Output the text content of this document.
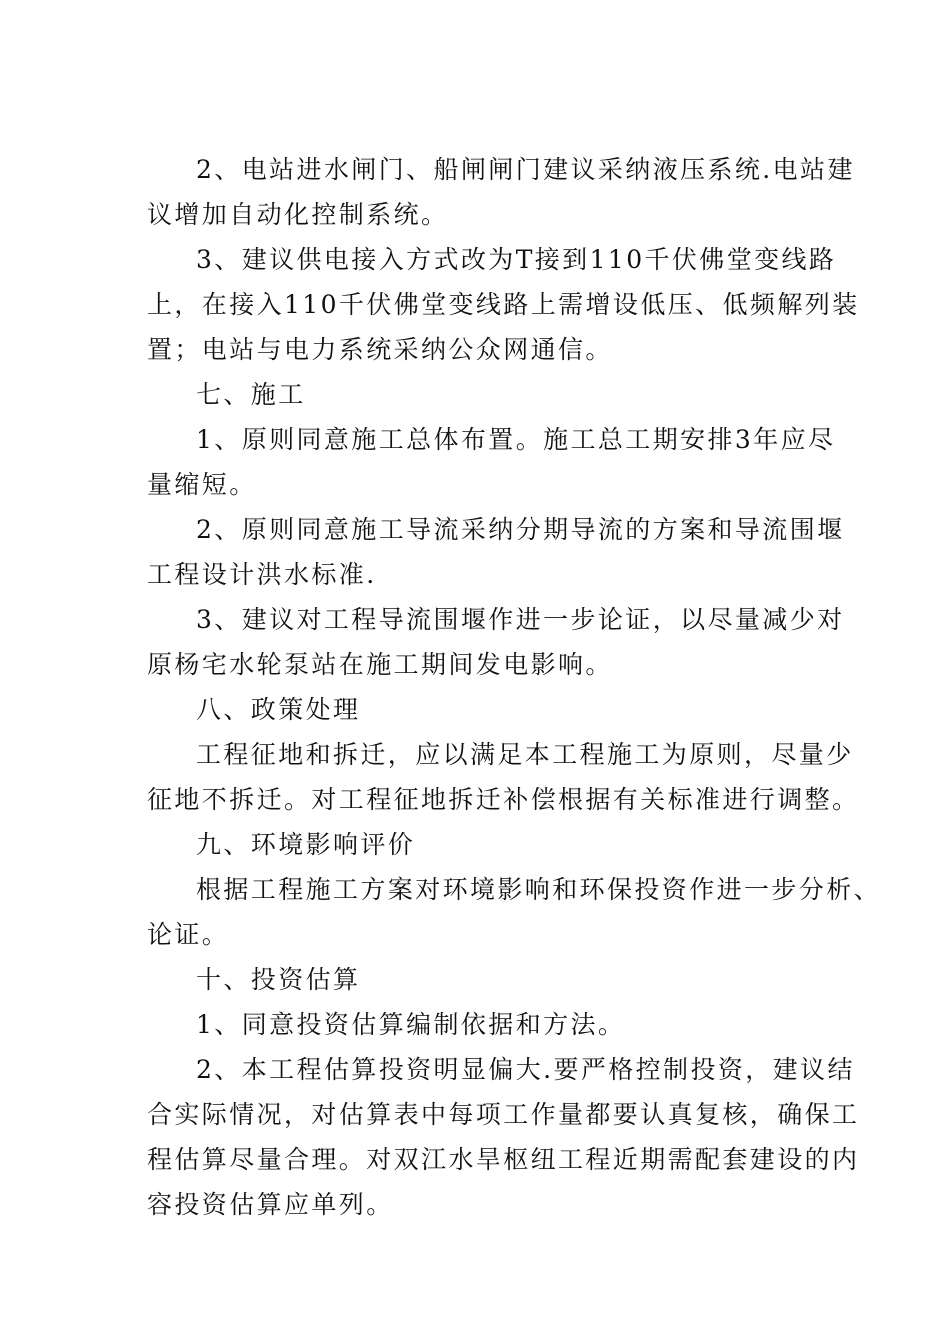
2、电站进水闸门、船闸闸门建议采纳液压系统.电站建
议增加自动化控制系统。
3、建议供电接入方式改为T接到110千伏佛堂变线路
上，在接入110千伏佛堂变线路上需增设低压、低频解列装
置；电站与电力系统采纳公众网通信。
七、施工
1、原则同意施工总体布置。施工总工期安排3年应尽
量缩短。
2、原则同意施工导流采纳分期导流的方案和导流围堰
工程设计洪水标准.
3、建议对工程导流围堰作进一步论证，以尽量减少对
原杨宅水轮泵站在施工期间发电影响。
八、政策处理
工程征地和拆迁，应以满足本工程施工为原则，尽量少
征地不拆迁。对工程征地拆迁补偿根据有关标准进行调整。
九、环境影响评价
根据工程施工方案对环境影响和环保投资作进一步分析、
论证。
十、投资估算
1、同意投资估算编制依据和方法。
2、本工程估算投资明显偏大.要严格控制投资，建议结
合实际情况，对估算表中每项工作量都要认真复核，确保工
程估算尽量合理。对双江水旱枢纽工程近期需配套建设的内
容投资估算应单列。
